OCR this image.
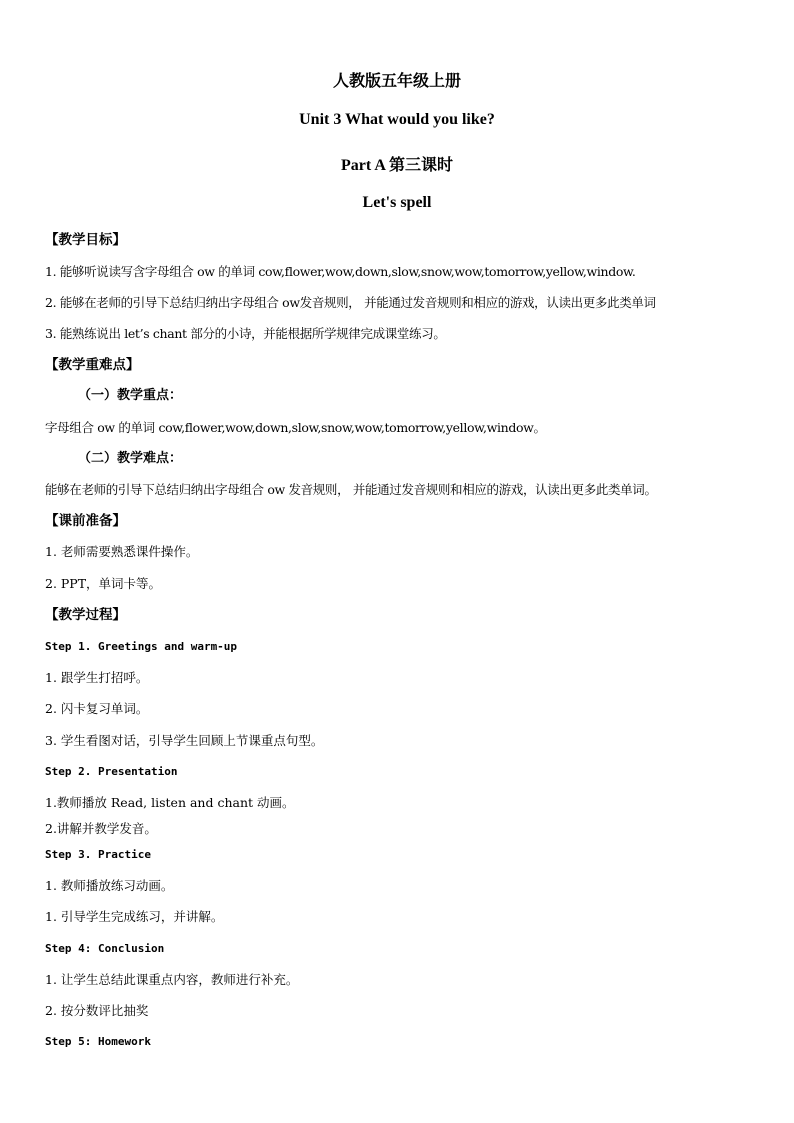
人教版五年级上册
Unit 3 What would you like?
Part A 第三课时
Let's spell
【教学目标】
1. 能够听说读写含字母组合 ow 的单词 cow,flower,wow,down,slow,snow,wow,tomorrow,yellow,window.
2. 能够在老师的引导下总结归纳出字母组合 ow发音规则， 并能通过发音规则和相应的游戏，认读出更多此类单词
3. 能熟练说出 let’s chant 部分的小诗，并能根据所学规律完成课堂练习。
【教学重难点】
（一）教学重点：
字母组合 ow 的单词 cow,flower,wow,down,slow,snow,wow,tomorrow,yellow,window。
（二）教学难点：
能够在老师的引导下总结归纳出字母组合 ow 发音规则， 并能通过发音规则和相应的游戏，认读出更多此类单词。
【课前准备】
1. 老师需要熟悉课件操作。
2. PPT，单词卡等。
【教学过程】
Step 1. Greetings and warm-up
1. 跟学生打招呼。
2. 闪卡复习单词。
3. 学生看图对话，引导学生回顾上节课重点句型。
Step 2. Presentation
1.教师播放 Read, listen and chant 动画。
2.讲解并教学发音。
Step 3. Practice
1. 教师播放练习动画。
1. 引导学生完成练习，并讲解。
Step 4: Conclusion
1. 让学生总结此课重点内容，教师进行补充。
2. 按分数评比抽奖
Step 5: Homework
